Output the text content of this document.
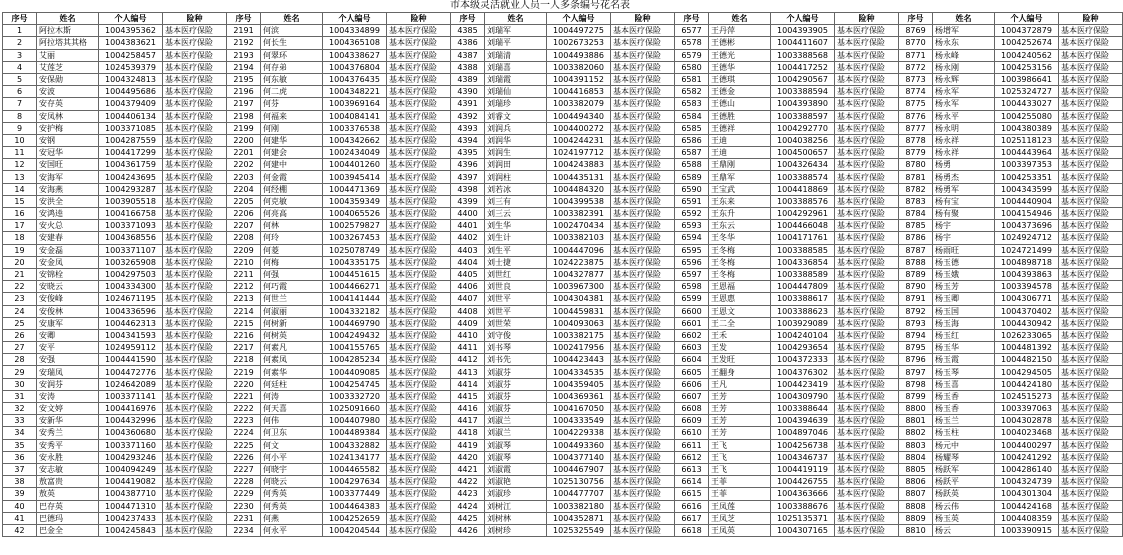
市本级灵活就业人员一人多条编号花名表
序号	姓名	个人编号	险种	序号	姓名	个人编号	险种	序号	姓名	个人编号	险种	序号	姓名	个人编号	险种	序号	姓名	个人编号	险种
1	阿拉木斯	1004395362	基本医疗保险	2191	何滨	1004334899	基本医疗保险	4385	刘瑞军	1004497275	基本医疗保险	6577	王丹萍	1004393905	基本医疗保险	8769	杨增军	1004372879	基本医疗保险
2	阿拉塔其其格	1004383621	基本医疗保险	2192	何长生	1004365108	基本医疗保险	4386	刘瑞平	1002673253	基本医疗保险	6578	王德彬	1004411607	基本医疗保险	8770	杨永东	1004252674	基本医疗保险
3	艾丽	1004258457	基本医疗保险	2193	何翠环	1004338627	基本医疗保险	4387	刘瑞清	1004493886	基本医疗保险	6579	王德光	1003388568	基本医疗保险	8771	杨永峰	1004240562	基本医疗保险
4	艾莲芝	1024539379	基本医疗保险	2194	何存弟	1004376804	基本医疗保险	4388	刘瑞喜	1003382060	基本医疗保险	6580	王德华	1004417252	基本医疗保险	8772	杨永刚	1004253156	基本医疗保险
5	安保勋	1004324813	基本医疗保险	2195	何东敏	1004376435	基本医疗保险	4389	刘瑞霞	1004391152	基本医疗保险	6581	王德琪	1004290567	基本医疗保险	8773	杨永辉	1003986641	基本医疗保险
6	安波	1004495686	基本医疗保险	2196	何二虎	1004348221	基本医疗保险	4390	刘瑞仙	1004416853	基本医疗保险	6582	王德金	1003388594	基本医疗保险	8774	杨永军	1025324727	基本医疗保险
7	安存英	1004379409	基本医疗保险	2197	何芬	1003969164	基本医疗保险	4391	刘瑞珍	1003382079	基本医疗保险	6583	王德山	1004393890	基本医疗保险	8775	杨永军	1004433027	基本医疗保险
8	安凤林	1004406134	基本医疗保险	2198	何福来	1004084141	基本医疗保险	4392	刘睿文	1004494340	基本医疗保险	6584	王德胜	1003388597	基本医疗保险	8776	杨永平	1004255080	基本医疗保险
9	安护梅	1003371085	基本医疗保险	2199	何刚	1003376538	基本医疗保险	4393	刘润兵	1004400272	基本医疗保险	6585	王德祥	1004292770	基本医疗保险	8777	杨永明	1004380389	基本医疗保险
10	安钢	1004287559	基本医疗保险	2200	何建华	1004342662	基本医疗保险	4394	刘润华	1004244231	基本医疗保险	6586	王迪	1004038256	基本医疗保险	8778	杨永祥	1025118123	基本医疗保险
11	安冠华	1004417299	基本医疗保险	2201	何建会	1002434049	基本医疗保险	4395	刘润生	1024197712	基本医疗保险	6587	王迪	1004500657	基本医疗保险	8779	杨永祥	1004443964	基本医疗保险
12	安国旺	1004361759	基本医疗保险	2202	何建中	1004401260	基本医疗保险	4396	刘润田	1004243883	基本医疗保险	6588	王鼎刚	1004326434	基本医疗保险	8780	杨勇	1003397353	基本医疗保险
13	安海军	1004243695	基本医疗保险	2203	何金霞	1003945414	基本医疗保险	4397	刘润柱	1004435131	基本医疗保险	6589	王鼎军	1003388574	基本医疗保险	8781	杨勇杰	1004253351	基本医疗保险
14	安海燕	1004293287	基本医疗保险	2204	何经棚	1004471369	基本医疗保险	4398	刘若冰	1004484320	基本医疗保险	6590	王宝武	1004418869	基本医疗保险	8782	杨勇军	1004343599	基本医疗保险
15	安洪全	1003905518	基本医疗保险	2205	何克敏	1004359349	基本医疗保险	4399	刘三有	1004399538	基本医疗保险	6591	王东来	1003388576	基本医疗保险	8783	杨有宝	1004440904	基本医疗保险
16	安鸿逵	1004166758	基本医疗保险	2206	何亮高	1004065526	基本医疗保险	4400	刘三云	1003382391	基本医疗保险	6592	王东升	1004292961	基本医疗保险	8784	杨有聚	1004154946	基本医疗保险
17	安火总	1003371093	基本医疗保险	2207	何林	1002579827	基本医疗保险	4401	刘生华	1002470434	基本医疗保险	6593	王东云	1004466048	基本医疗保险	8785	杨宇	1004373696	基本医疗保险
18	安建春	1004368556	基本医疗保险	2208	何玲	1003267453	基本医疗保险	4402	刘生计	1003382103	基本医疗保险	6594	王冬华	1004171761	基本医疗保险	8786	杨宇	1024924712	基本医疗保险
19	安金磊	1003371107	基本医疗保险	2209	何菱	1025078749	基本医疗保险	4403	刘生平	1004447096	基本医疗保险	6595	王冬梅	1003388585	基本医疗保险	8787	杨雨旺	1024721499	基本医疗保险
20	安金凤	1003265908	基本医疗保险	2210	何梅	1004335175	基本医疗保险	4404	刘士捷	1024223875	基本医疗保险	6596	王冬梅	1004336854	基本医疗保险	8788	杨玉德	1004898718	基本医疗保险
21	安锦栓	1004297503	基本医疗保险	2211	何强	1004451615	基本医疗保险	4405	刘世红	1004327877	基本医疗保险	6597	王冬梅	1003388589	基本医疗保险	8789	杨玉娥	1004393863	基本医疗保险
22	安晓云	1004334300	基本医疗保险	2212	何巧霞	1004466271	基本医疗保险	4406	刘世良	1003967300	基本医疗保险	6598	王恩福	1004447809	基本医疗保险	8790	杨玉芳	1003394578	基本医疗保险
23	安俊峰	1024671195	基本医疗保险	2213	何世兰	1004141444	基本医疗保险	4407	刘世平	1004304381	基本医疗保险	6599	王恩惠	1003388617	基本医疗保险	8791	杨玉卿	1004306771	基本医疗保险
24	安俊林	1004336596	基本医疗保险	2214	何淑丽	1004332182	基本医疗保险	4408	刘世平	1004459831	基本医疗保险	6600	王恩文	1003388623	基本医疗保险	8792	杨玉国	1004370402	基本医疗保险
25	安康军	1004462313	基本医疗保险	2215	何树新	1004469790	基本医疗保险	4409	刘世荣	1004093063	基本医疗保险	6601	王二全	1003929089	基本医疗保险	8793	杨玉海	1004430942	基本医疗保险
26	安卿	1004341593	基本医疗保险	2216	何树英	1004249432	基本医疗保险	4410	刘守俊	1003382175	基本医疗保险	6602	王禾	1004240104	基本医疗保险	8794	杨玉红	1026233065	基本医疗保险
27	安平	1024959112	基本医疗保险	2217	何素凡	1004155765	基本医疗保险	4411	刘书琴	1002417956	基本医疗保险	6603	王发	1004293654	基本医疗保险	8795	杨玉华	1004481392	基本医疗保险
28	安强	1004441590	基本医疗保险	2218	何素凤	1004285234	基本医疗保险	4412	刘书先	1004423443	基本医疗保险	6604	王发旺	1004372333	基本医疗保险	8796	杨玉霞	1004482150	基本医疗保险
29	安瑞凤	1004472776	基本医疗保险	2219	何素华	1004409085	基本医疗保险	4413	刘淑芬	1004334535	基本医疗保险	6605	王翻身	1004376302	基本医疗保险	8797	杨玉琴	1004294505	基本医疗保险
30	安润芬	1024642089	基本医疗保险	2220	何廷柱	1004254745	基本医疗保险	4414	刘淑芬	1004359405	基本医疗保险	6606	王凡	1004423419	基本医疗保险	8798	杨玉喜	1004424180	基本医疗保险
31	安涛	1003371141	基本医疗保险	2221	何涛	1003332720	基本医疗保险	4415	刘淑芬	1004369361	基本医疗保险	6607	王芳	1004309790	基本医疗保险	8799	杨玉香	1024515273	基本医疗保险
32	安文婷	1004416976	基本医疗保险	2222	何天喜	1025091660	基本医疗保险	4416	刘淑芬	1004167050	基本医疗保险	6608	王芳	1003388644	基本医疗保险	8800	杨玉香	1003397063	基本医疗保险
33	安新华	1004432996	基本医疗保险	2223	何伟	1004407980	基本医疗保险	4417	刘淑兰	1004333549	基本医疗保险	6609	王芳	1004394639	基本医疗保险	8801	杨玉兰	1004302878	基本医疗保险
34	安秀兰	1004360680	基本医疗保险	2224	何卫东	1004489384	基本医疗保险	4418	刘淑兰	1004229338	基本医疗保险	6610	王芳	1004897046	基本医疗保险	8802	杨玉柱	1004023468	基本医疗保险
35	安秀平	1003371160	基本医疗保险	2225	何文	1004332882	基本医疗保险	4419	刘淑琴	1004493360	基本医疗保险	6611	王飞	1004256738	基本医疗保险	8803	杨元中	1004400297	基本医疗保险
36	安永胜	1004293246	基本医疗保险	2226	何小平	1024134177	基本医疗保险	4420	刘淑琴	1004377140	基本医疗保险	6612	王飞	1004346737	基本医疗保险	8804	杨耀琴	1004241292	基本医疗保险
37	安志敏	1004094249	基本医疗保险	2227	何晓宇	1004465582	基本医疗保险	4421	刘淑霞	1004467907	基本医疗保险	6613	王飞	1004419119	基本医疗保险	8805	杨跃军	1004286140	基本医疗保险
38	敖富贵	1004419082	基本医疗保险	2228	何晓云	1004297634	基本医疗保险	4422	刘淑艳	1025130756	基本医疗保险	6614	王菲	1004426755	基本医疗保险	8806	杨跃平	1004324739	基本医疗保险
39	敖英	1004387710	基本医疗保险	2229	何秀英	1003377449	基本医疗保险	4423	刘淑珍	1004477707	基本医疗保险	6615	王菲	1004363666	基本医疗保险	8807	杨跃英	1004301304	基本医疗保险
40	巴存英	1004471310	基本医疗保险	2230	何秀英	1004464383	基本医疗保险	4424	刘树江	1003382180	基本医疗保险	6616	王凤莲	1003388676	基本医疗保险	8808	杨云伟	1004424168	基本医疗保险
41	巴德玛	1004237433	基本医疗保险	2231	何燕	1004252659	基本医疗保险	4425	刘树林	1004352871	基本医疗保险	6617	王凤芝	1025135371	基本医疗保险	8809	杨玉英	1004408359	基本医疗保险
42	巴金全	1004245843	基本医疗保险	2234	何永平	1004204544	基本医疗保险	4426	刘树珍	1025325549	基本医疗保险	6618	王凤英	1004307165	基本医疗保险	8810	杨云	1003390915	基本医疗保险
